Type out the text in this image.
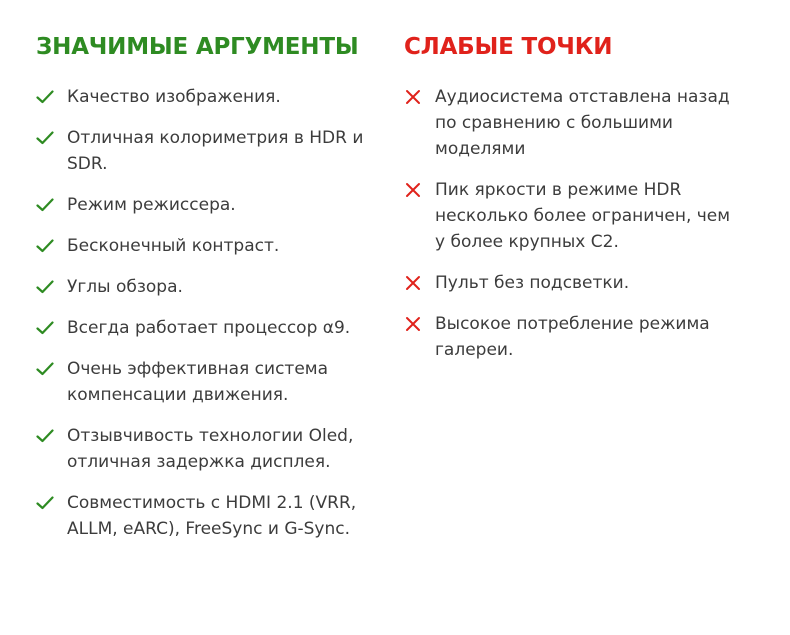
ЗНАЧИМЫЕ АРГУМЕНТЫ
Качество изображения.
Отличная колориметрия в HDR и SDR.
Режим режиссера.
Бесконечный контраст.
Углы обзора.
Всегда работает процессор α9.
Очень эффективная система компенсации движения.
Отзывчивость технологии Oled, отличная задержка дисплея.
Совместимость с HDMI 2.1 (VRR, ALLM, eARC), FreeSync и G-Sync.
СЛАБЫЕ ТОЧКИ
Аудиосистема отставлена назад по сравнению с большими моделями
Пик яркости в режиме HDR несколько более ограничен, чем у более крупных C2.
Пульт без подсветки.
Высокое потребление режима галереи.
